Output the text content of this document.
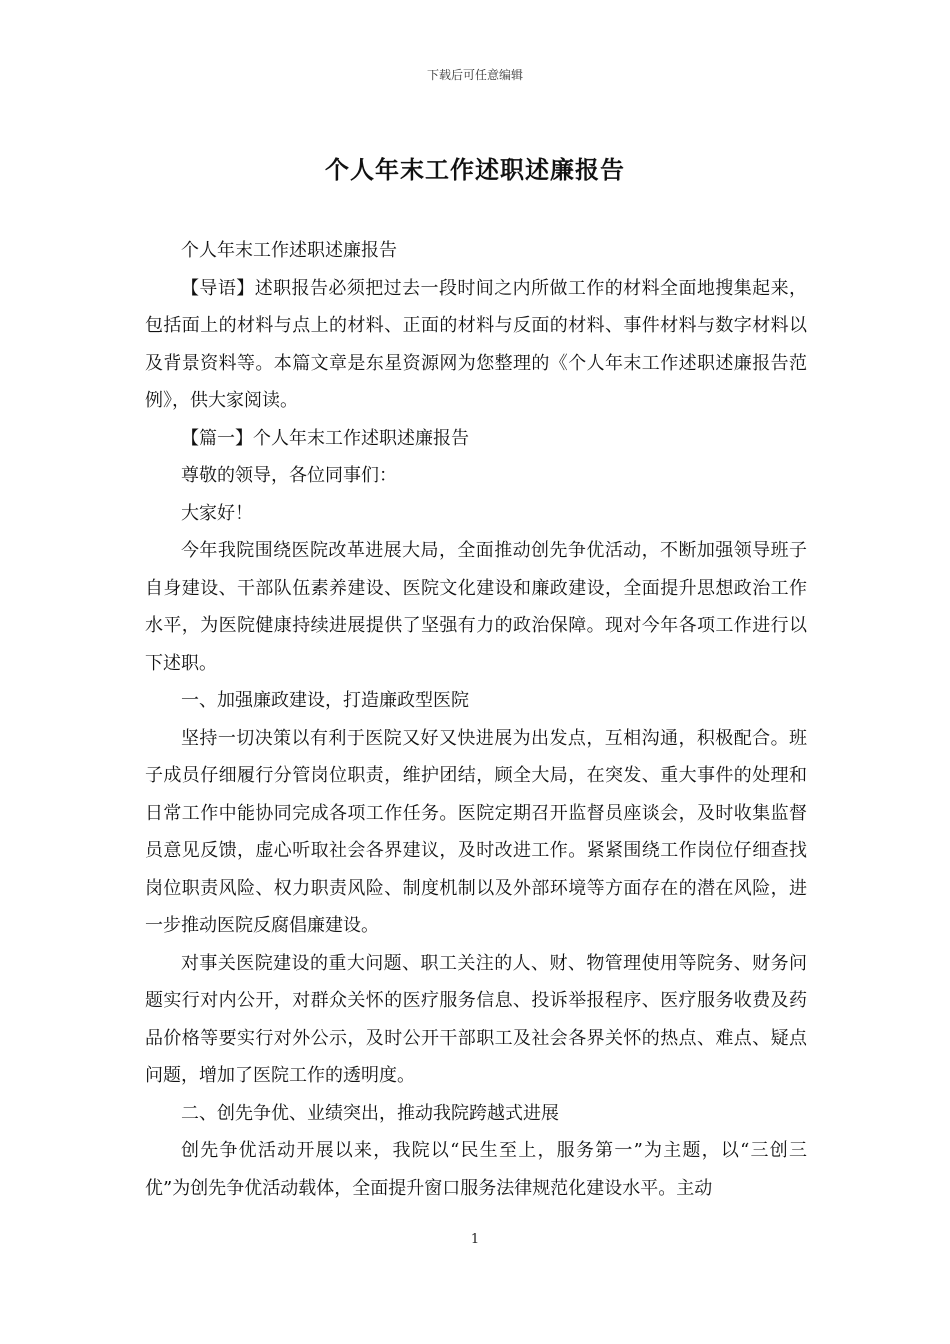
下载后可任意编辑
个人年末工作述职述廉报告

个人年末工作述职述廉报告

【导语】述职报告必须把过去一段时间之内所做工作的材料全面地搜集起来，包括面上的材料与点上的材料、正面的材料与反面的材料、事件材料与数字材料以及背景资料等。本篇文章是东星资源网为您整理的《个人年末工作述职述廉报告范例》，供大家阅读。

【篇一】个人年末工作述职述廉报告

尊敬的领导，各位同事们：

大家好！

今年我院围绕医院改革进展大局，全面推动创先争优活动，不断加强领导班子自身建设、干部队伍素养建设、医院文化建设和廉政建设，全面提升思想政治工作水平，为医院健康持续进展提供了坚强有力的政治保障。现对今年各项工作进行以下述职。

一、加强廉政建设，打造廉政型医院

坚持一切决策以有利于医院又好又快进展为出发点，互相沟通，积极配合。班子成员仔细履行分管岗位职责，维护团结，顾全大局，在突发、重大事件的处理和日常工作中能协同完成各项工作任务。医院定期召开监督员座谈会，及时收集监督员意见反馈，虚心听取社会各界建议，及时改进工作。紧紧围绕工作岗位仔细查找岗位职责风险、权力职责风险、制度机制以及外部环境等方面存在的潜在风险，进一步推动医院反腐倡廉建设。

对事关医院建设的重大问题、职工关注的人、财、物管理使用等院务、财务问题实行对内公开，对群众关怀的医疗服务信息、投诉举报程序、医疗服务收费及药品价格等要实行对外公示，及时公开干部职工及社会各界关怀的热点、难点、疑点问题，增加了医院工作的透明度。

二、创先争优、业绩突出，推动我院跨越式进展

创先争优活动开展以来，我院以“民生至上，服务第一”为主题，以“三创三优”为创先争优活动载体，全面提升窗口服务法律规范化建设水平。主动

1
